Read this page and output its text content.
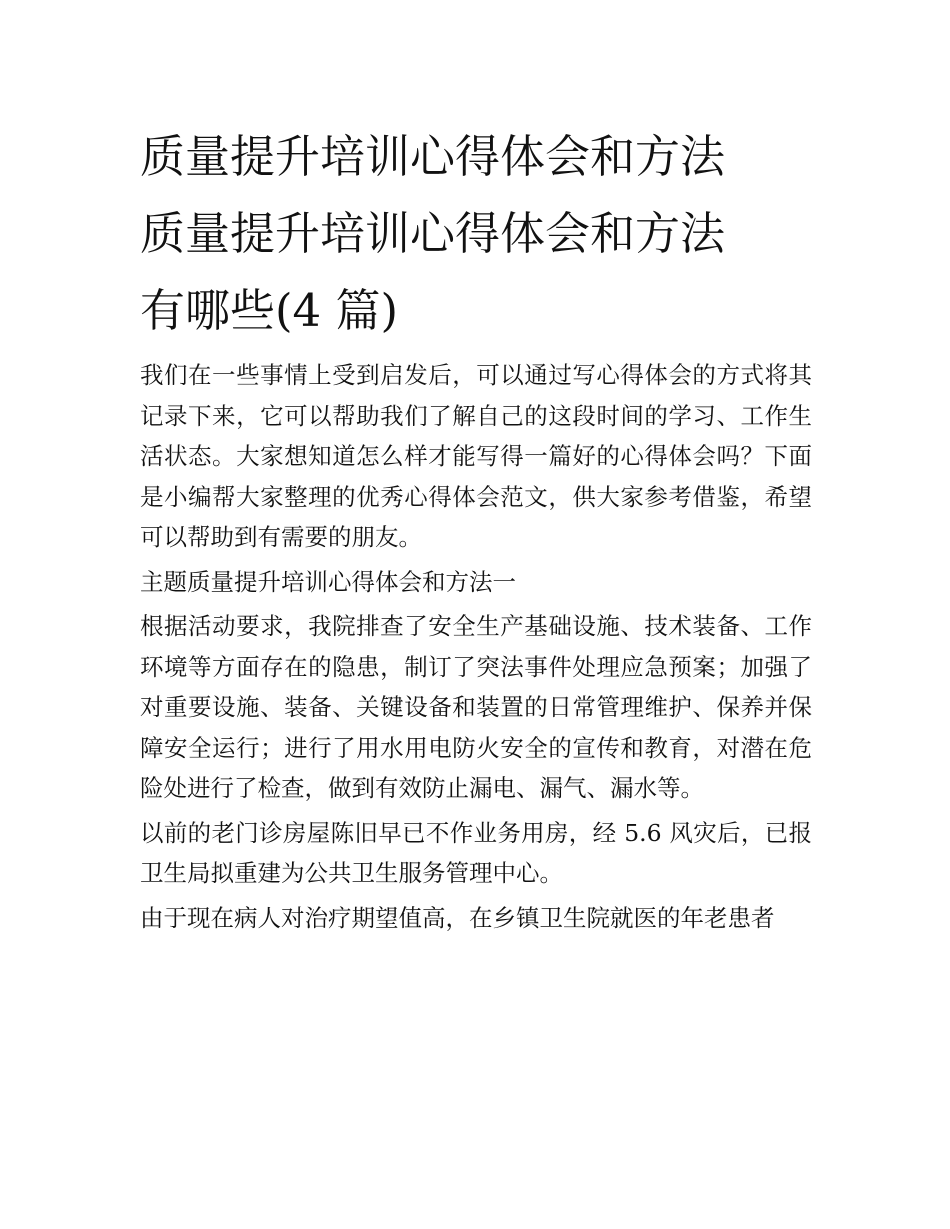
质量提升培训心得体会和方法
质量提升培训心得体会和方法
有哪些(4 篇)

我们在一些事情上受到启发后，可以通过写心得体会的方式将其记录下来，它可以帮助我们了解自己的这段时间的学习、工作生活状态。大家想知道怎么样才能写得一篇好的心得体会吗？下面是小编帮大家整理的优秀心得体会范文，供大家参考借鉴，希望可以帮助到有需要的朋友。

主题质量提升培训心得体会和方法一

根据活动要求，我院排查了安全生产基础设施、技术装备、工作环境等方面存在的隐患，制订了突法事件处理应急预案；加强了对重要设施、装备、关键设备和装置的日常管理维护、保养并保障安全运行；进行了用水用电防火安全的宣传和教育，对潜在危险处进行了检查，做到有效防止漏电、漏气、漏水等。

以前的老门诊房屋陈旧早已不作业务用房，经 5.6 风灾后，已报卫生局拟重建为公共卫生服务管理中心。

由于现在病人对治疗期望值高，在乡镇卫生院就医的年老患者
